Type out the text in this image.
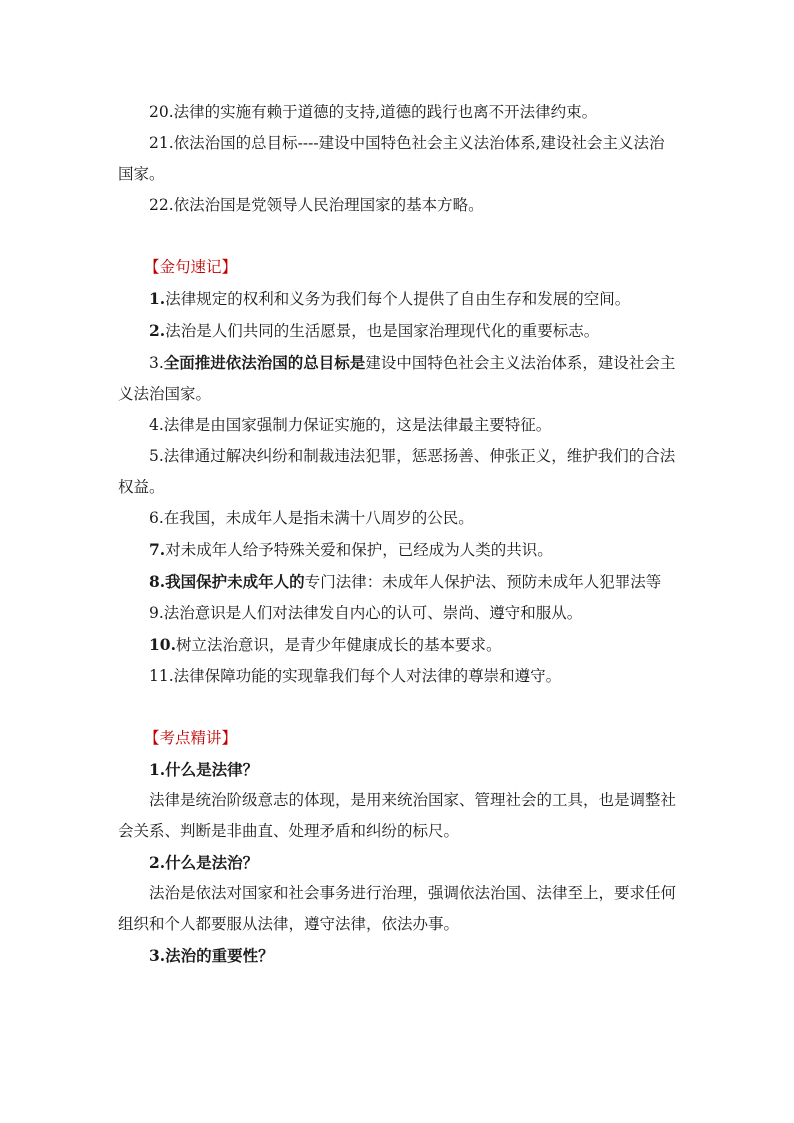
20.法律的实施有赖于道德的支持,道德的践行也离不开法律约束。

21.依法治国的总目标----建设中国特色社会主义法治体系,建设社会主义法治国家。

22.依法治国是党领导人民治理国家的基本方略。

【金句速记】

1.法律规定的权利和义务为我们每个人提供了自由生存和发展的空间。

2.法治是人们共同的生活愿景，也是国家治理现代化的重要标志。

3.全面推进依法治国的总目标是建设中国特色社会主义法治体系，建设社会主义法治国家。

4.法律是由国家强制力保证实施的，这是法律最主要特征。

5.法律通过解决纠纷和制裁违法犯罪，惩恶扬善、伸张正义，维护我们的合法权益。

6.在我国，未成年人是指未满十八周岁的公民。

7.对未成年人给予特殊关爱和保护，已经成为人类的共识。

8.我国保护未成年人的专门法律：未成年人保护法、预防未成年人犯罪法等

9.法治意识是人们对法律发自内心的认可、崇尚、遵守和服从。

10.树立法治意识，是青少年健康成长的基本要求。

11.法律保障功能的实现靠我们每个人对法律的尊崇和遵守。

【考点精讲】

1.什么是法律？

法律是统治阶级意志的体现，是用来统治国家、管理社会的工具，也是调整社会关系、判断是非曲直、处理矛盾和纠纷的标尺。

2.什么是法治？

法治是依法对国家和社会事务进行治理，强调依法治国、法律至上，要求任何组织和个人都要服从法律，遵守法律，依法办事。

3.法治的重要性？
